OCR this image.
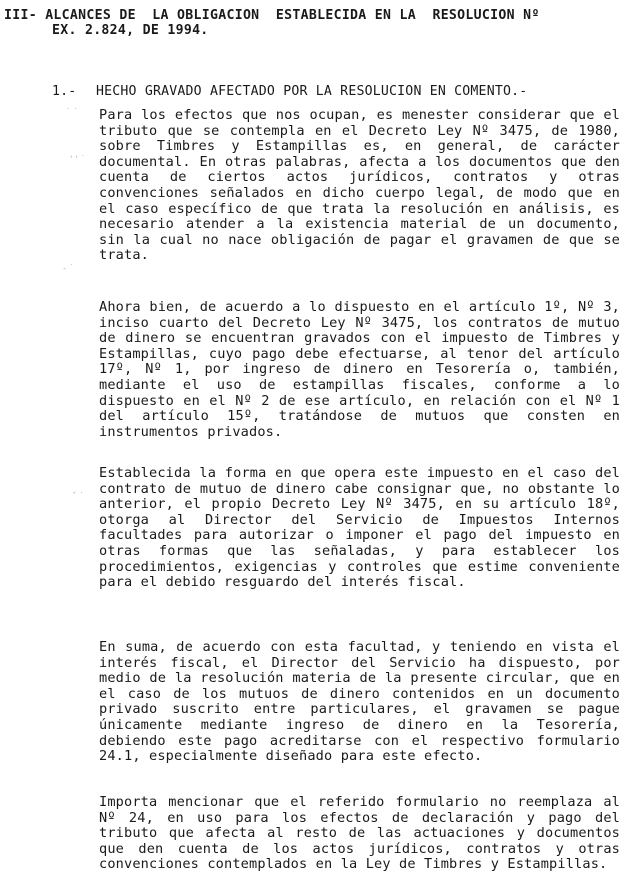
III- ALCANCES DE  LA OBLIGACION  ESTABLECIDA EN LA  RESOLUCION Nº
EX. 2.824, DE 1994.
1.- HECHO GRAVADO AFECTADO POR LA RESOLUCION EN COMENTO.-

Para los efectos que nos ocupan, es menester considerar que el tributo que se contempla en el Decreto Ley Nº 3475, de 1980, sobre Timbres y Estampillas es, en general, de carácter documental. En otras palabras, afecta a los documentos que den cuenta de ciertos actos jurídicos, contratos y otras convenciones señalados en dicho cuerpo legal, de modo que en el caso específico de que trata la resolución en análisis, es necesario atender a la existencia material de un documento, sin la cual no nace obligación de pagar el gravamen de que se trata.

Ahora bien, de acuerdo a lo dispuesto en el artículo 1º, Nº 3, inciso cuarto del Decreto Ley Nº 3475, los contratos de mutuo de dinero se encuentran gravados con el impuesto de Timbres y Estampillas, cuyo pago debe efectuarse, al tenor del artículo 17º, Nº 1, por ingreso de dinero en Tesorería o, también, mediante el uso de estampillas fiscales, conforme a lo dispuesto en el Nº 2 de ese artículo, en relación con el Nº 1 del artículo 15º, tratándose de mutuos que consten en instrumentos privados.

Establecida la forma en que opera este impuesto en el caso del contrato de mutuo de dinero cabe consignar que, no obstante lo anterior, el propio Decreto Ley Nº 3475, en su artículo 18º, otorga al Director del Servicio de Impuestos Internos facultades para autorizar o imponer el pago del impuesto en otras formas que las señaladas, y para establecer los procedimientos, exigencias y controles que estime conveniente para el debido resguardo del interés fiscal.

En suma, de acuerdo con esta facultad, y teniendo en vista el interés fiscal, el Director del Servicio ha dispuesto, por medio de la resolución materia de la presente circular, que en el caso de los mutuos de dinero contenidos en un documento privado suscrito entre particulares, el gravamen se pague únicamente mediante ingreso de dinero en la Tesorería, debiendo este pago acreditarse con el respectivo formulario 24.1, especialmente diseñado para este efecto.

Importa mencionar que el referido formulario no reemplaza al Nº 24, en uso para los efectos de declaración y pago del tributo que afecta al resto de las actuaciones y documentos que den cuenta de los actos jurídicos, contratos y otras convenciones contemplados en la Ley de Timbres y Estampillas.

˙ ˙
' ' ˙
- ˙
ˇ ˙
